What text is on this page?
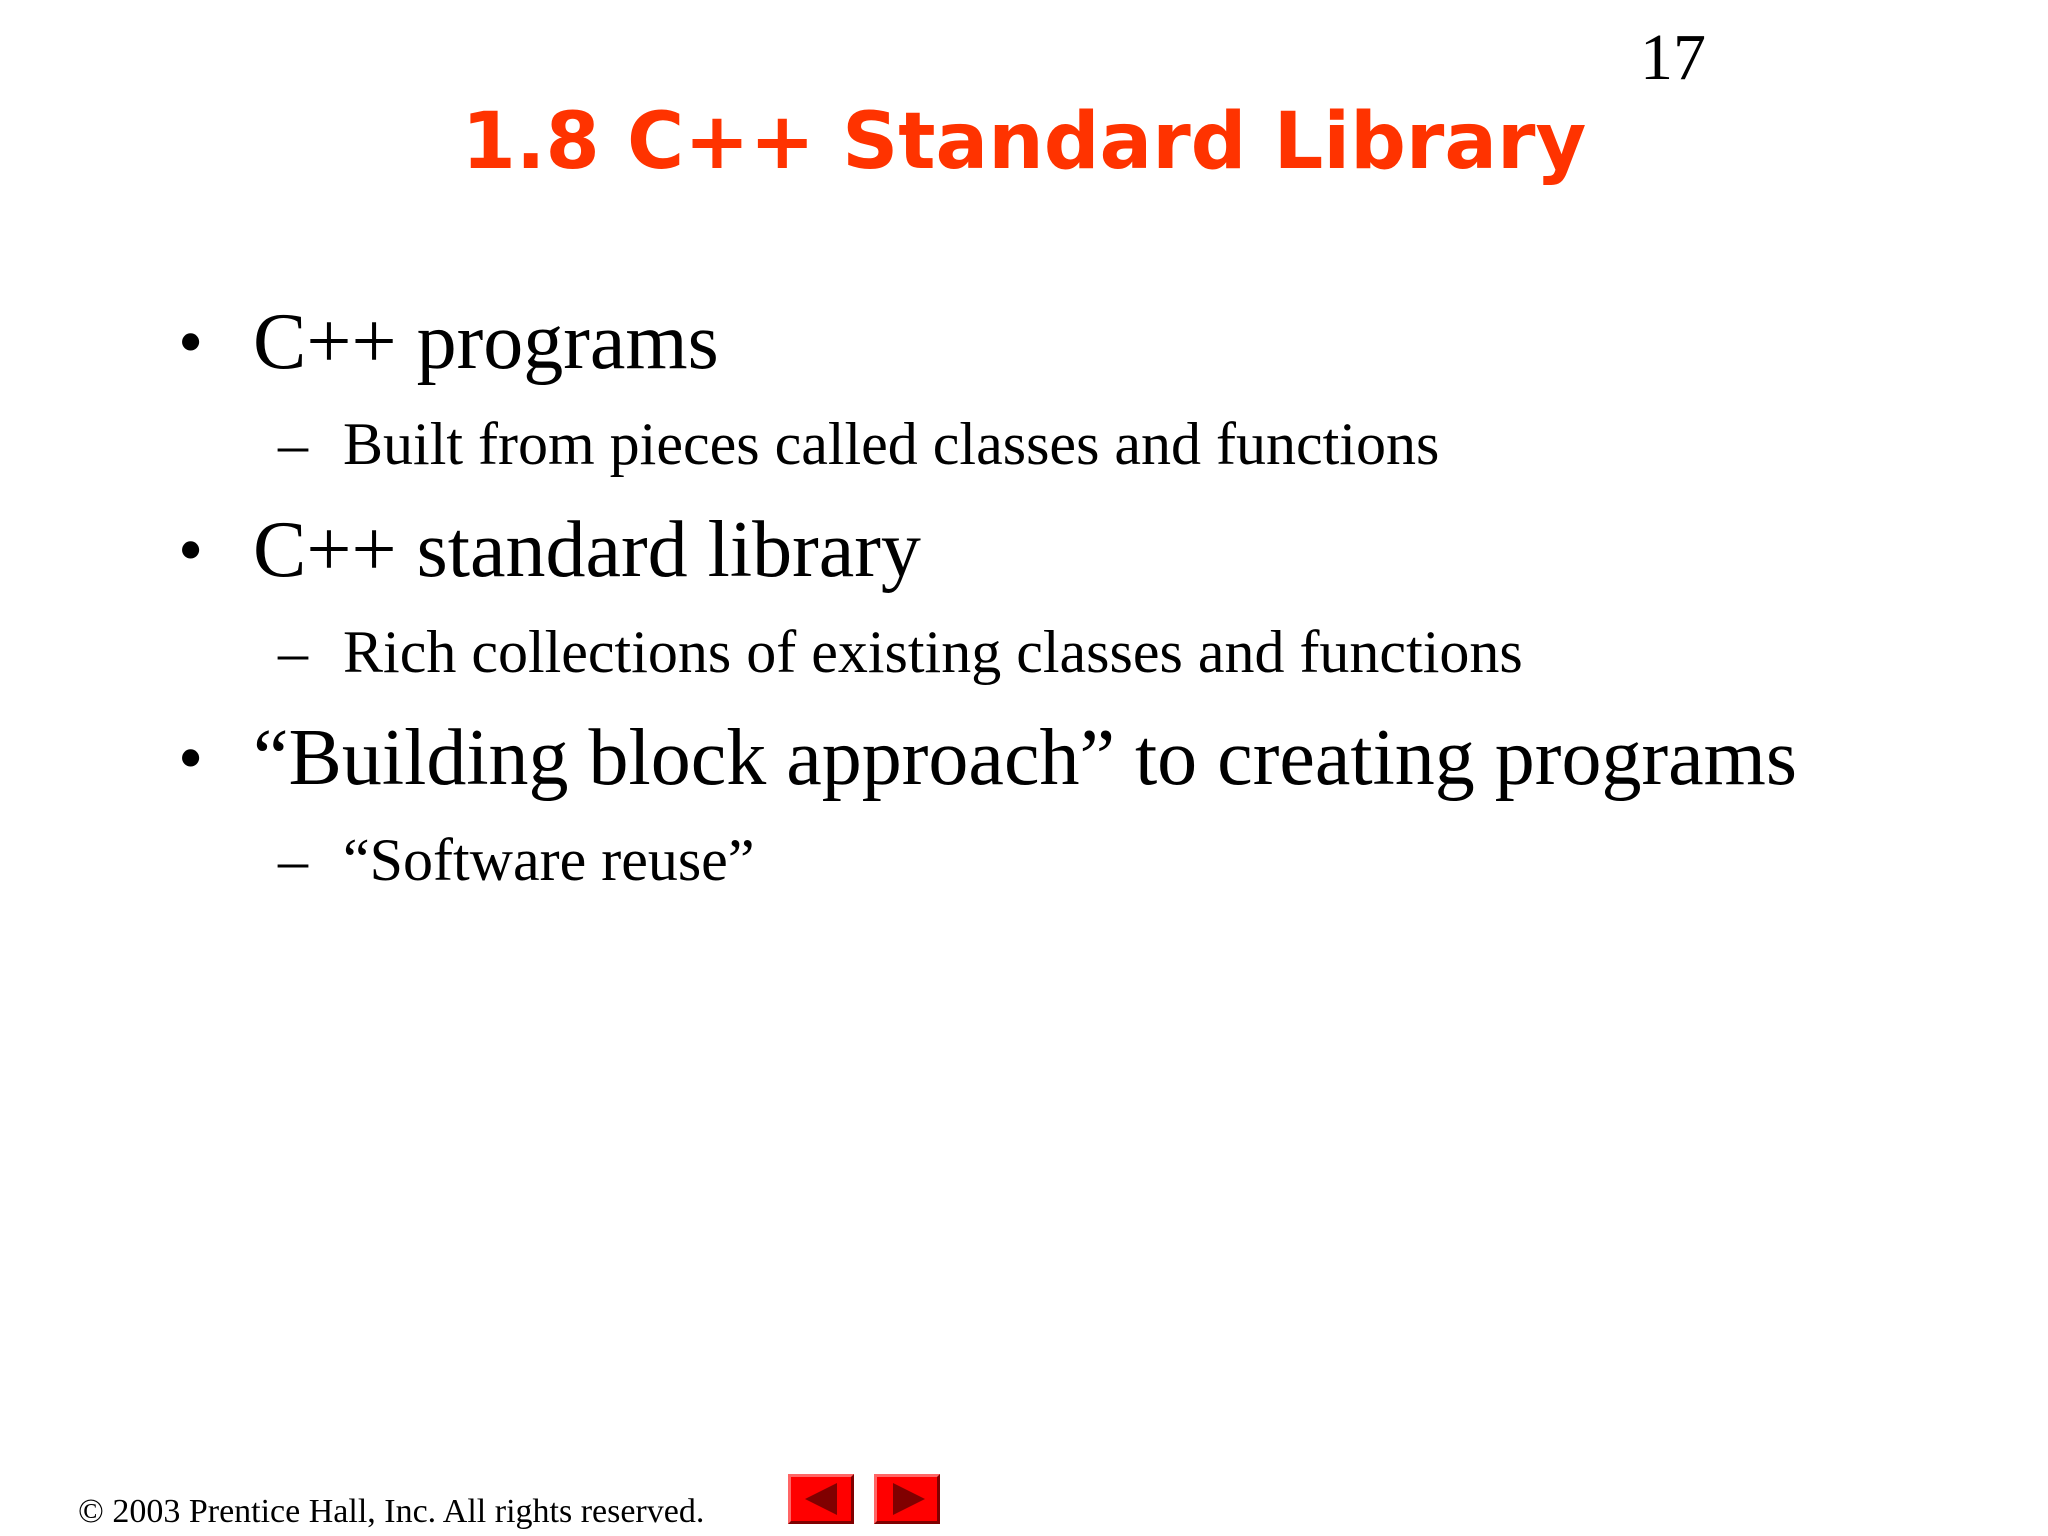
17
1.8 C++ Standard Library
• C++ programs
– Built from pieces called classes and functions
• C++ standard library
– Rich collections of existing classes and functions
• “Building block approach” to creating programs
– “Software reuse”
© 2003 Prentice Hall, Inc. All rights reserved.
